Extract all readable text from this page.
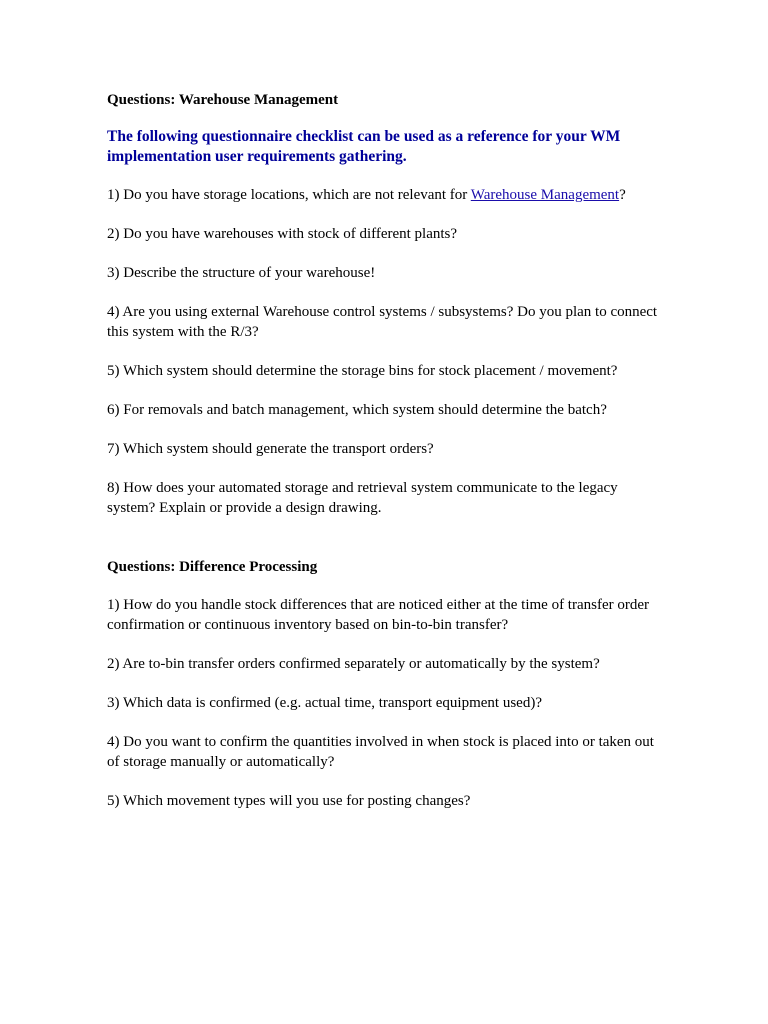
Questions: Warehouse Management

The following questionnaire checklist can be used as a reference for your WM implementation user requirements gathering.

1) Do you have storage locations, which are not relevant for Warehouse Management?

2) Do you have warehouses with stock of different plants?

3) Describe the structure of your warehouse!

4) Are you using external Warehouse control systems / subsystems? Do you plan to connect this system with the R/3?

5) Which system should determine the storage bins for stock placement / movement?

6) For removals and batch management, which system should determine the batch?

7) Which system should generate the transport orders?

8) How does your automated storage and retrieval system communicate to the legacy system? Explain or provide a design drawing.

Questions: Difference Processing

1) How do you handle stock differences that are noticed either at the time of transfer order confirmation or continuous inventory based on bin-to-bin transfer?

2) Are to-bin transfer orders confirmed separately or automatically by the system?

3) Which data is confirmed (e.g. actual time, transport equipment used)?

4) Do you want to confirm the quantities involved in when stock is placed into or taken out of storage manually or automatically?

5) Which movement types will you use for posting changes?
